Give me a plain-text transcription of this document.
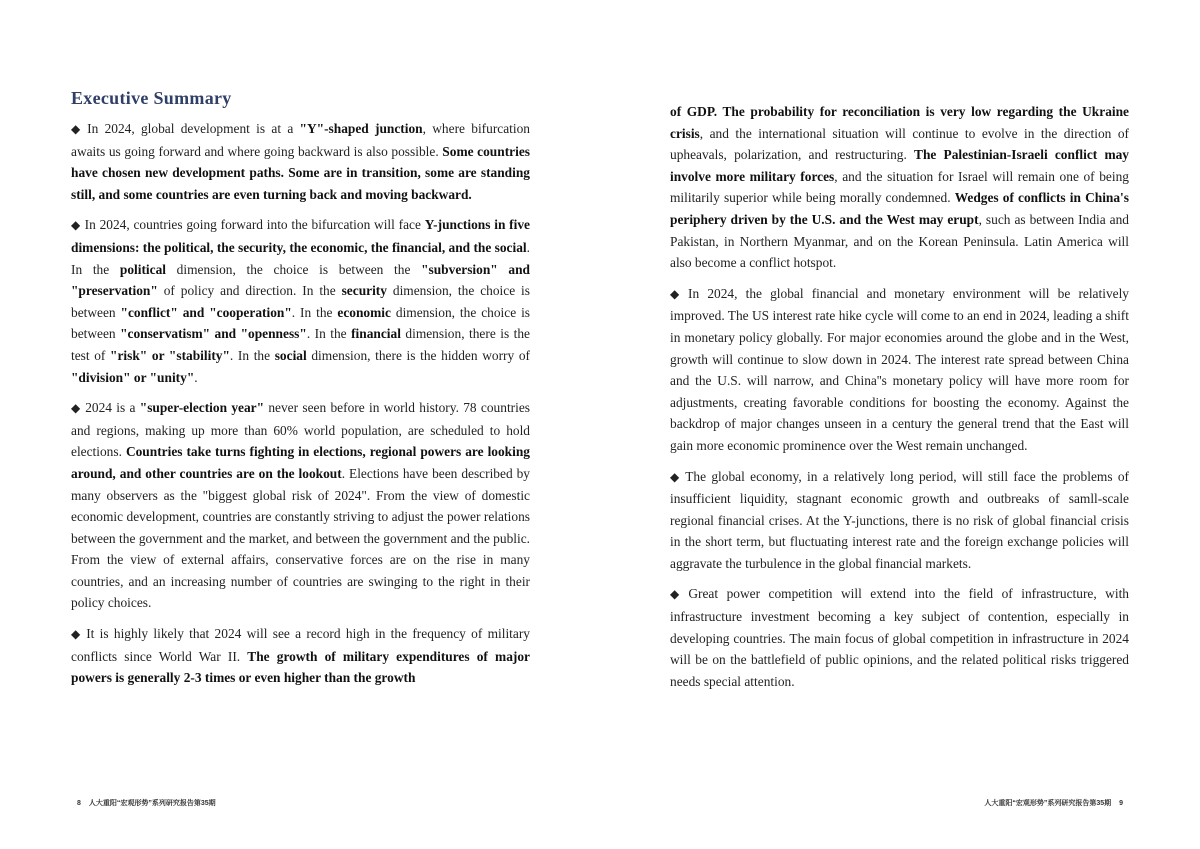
Executive Summary

◆ In 2024, global development is at a "Y"-shaped junction, where bifurcation awaits us going forward and where going backward is also possible. Some countries have chosen new development paths. Some are in transition, some are standing still, and some countries are even turning back and moving backward.

◆ In 2024, countries going forward into the bifurcation will face Y-junctions in five dimensions: the political, the security, the economic, the financial, and the social. In the political dimension, the choice is between the "subversion" and "preservation" of policy and direction. In the security dimension, the choice is between "conflict" and "cooperation". In the economic dimension, the choice is between "conservatism" and "openness". In the financial dimension, there is the test of "risk" or "stability". In the social dimension, there is the hidden worry of "division" or "unity".

◆ 2024 is a "super-election year" never seen before in world history. 78 countries and regions, making up more than 60% world population, are scheduled to hold elections. Countries take turns fighting in elections, regional powers are looking around, and other countries are on the lookout. Elections have been described by many observers as the "biggest global risk of 2024". From the view of domestic economic development, countries are constantly striving to adjust the power relations between the government and the market, and between the government and the public. From the view of external affairs, conservative forces are on the rise in many countries, and an increasing number of countries are swinging to the right in their policy choices.

◆ It is highly likely that 2024 will see a record high in the frequency of military conflicts since World War II. The growth of military expenditures of major powers is generally 2-3 times or even higher than the growth

of GDP. The probability for reconciliation is very low regarding the Ukraine crisis, and the international situation will continue to evolve in the direction of upheavals, polarization, and restructuring. The Palestinian-Israeli conflict may involve more military forces, and the situation for Israel will remain one of being militarily superior while being morally condemned. Wedges of conflicts in China's periphery driven by the U.S. and the West may erupt, such as between India and Pakistan, in Northern Myanmar, and on the Korean Peninsula. Latin America will also become a conflict hotspot.

◆ In 2024, the global financial and monetary environment will be relatively improved. The US interest rate hike cycle will come to an end in 2024, leading a shift in monetary policy globally. For major economies around the globe and in the West, growth will continue to slow down in 2024. The interest rate spread between China and the U.S. will narrow, and China''s monetary policy will have more room for adjustments, creating favorable conditions for boosting the economy. Against the backdrop of major changes unseen in a century the general trend that the East will gain more economic prominence over the West remain unchanged.

◆ The global economy, in a relatively long period, will still face the problems of insufficient liquidity, stagnant economic growth and outbreaks of samll-scale regional financial crises. At the Y-junctions, there is no risk of global financial crisis in the short term, but fluctuating interest rate and the foreign exchange policies will aggravate the turbulence in the global financial markets.

◆ Great power competition will extend into the field of infrastructure, with infrastructure investment becoming a key subject of contention, especially in developing countries. The main focus of global competition in infrastructure in 2024 will be on the battlefield of public opinions, and the related political risks triggered needs special attention.

8 人大重阳“宏观形势”系列研究报告第35期	人大重阳“宏观形势”系列研究报告第35期 9
